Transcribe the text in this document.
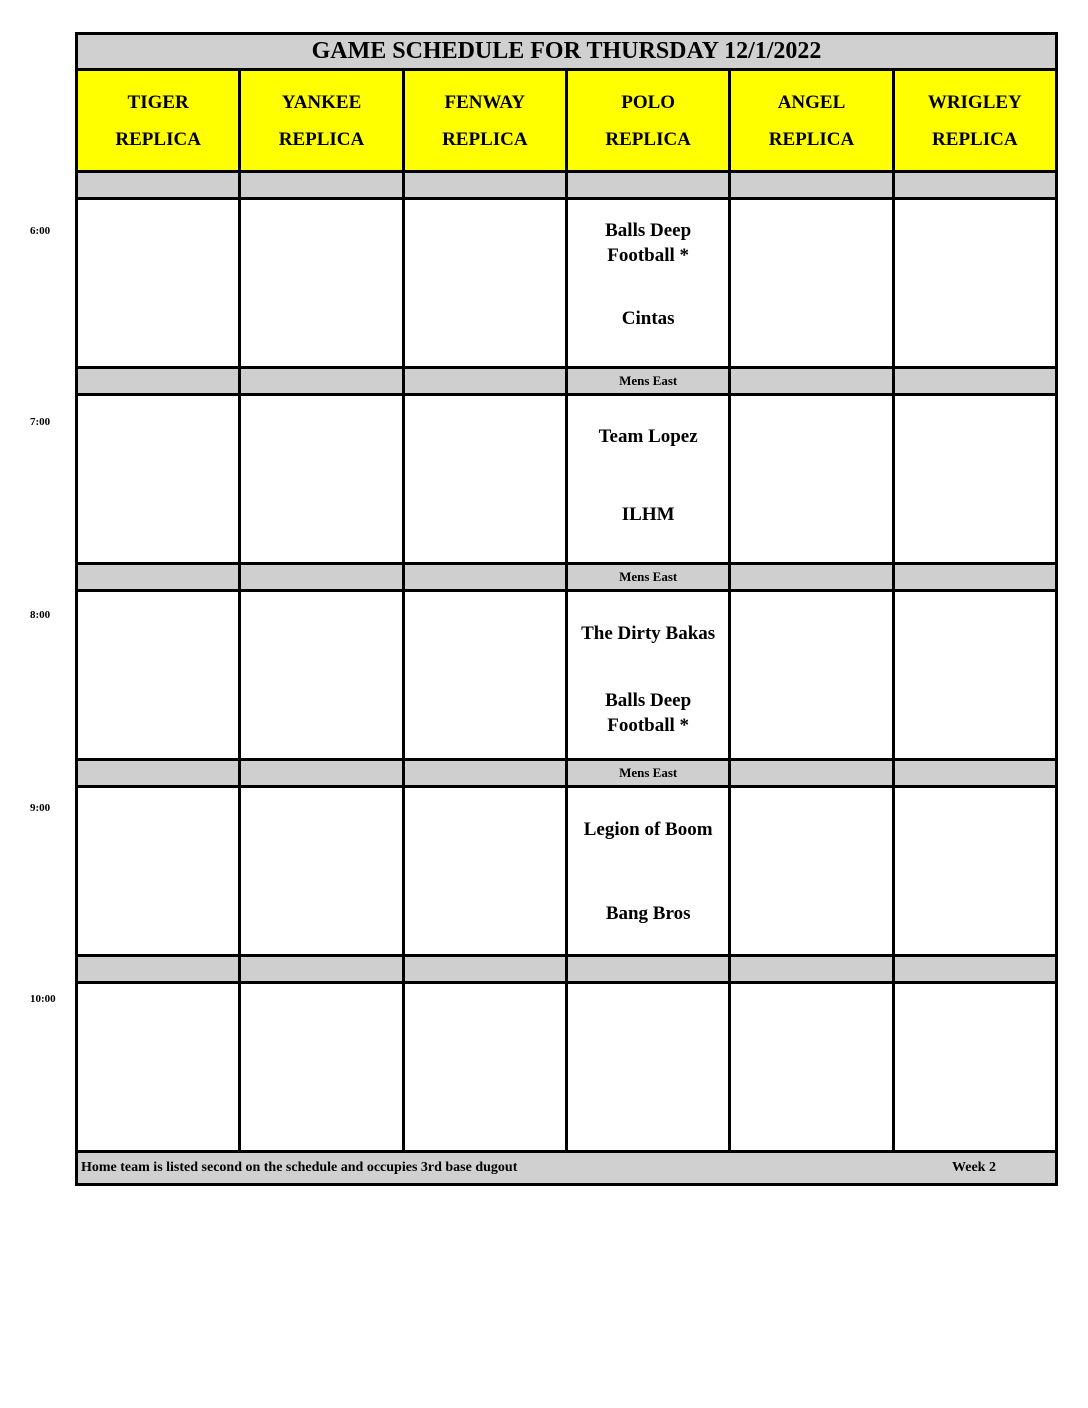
6:00
7:00
8:00
9:00
10:00
GAME SCHEDULE FOR THURSDAY 12/1/2022
TIGER
REPLICA
YANKEE
REPLICA
FENWAY
REPLICA
POLO
REPLICA
ANGEL
REPLICA
WRIGLEY
REPLICA
Balls Deep Football *
Cintas
Mens East
Team Lopez
ILHM
Mens East
The Dirty Bakas
Balls Deep Football *
Mens East
Legion of Boom
Bang Bros
Home team is listed second on the schedule and occupies 3rd base dugout	Week 2
